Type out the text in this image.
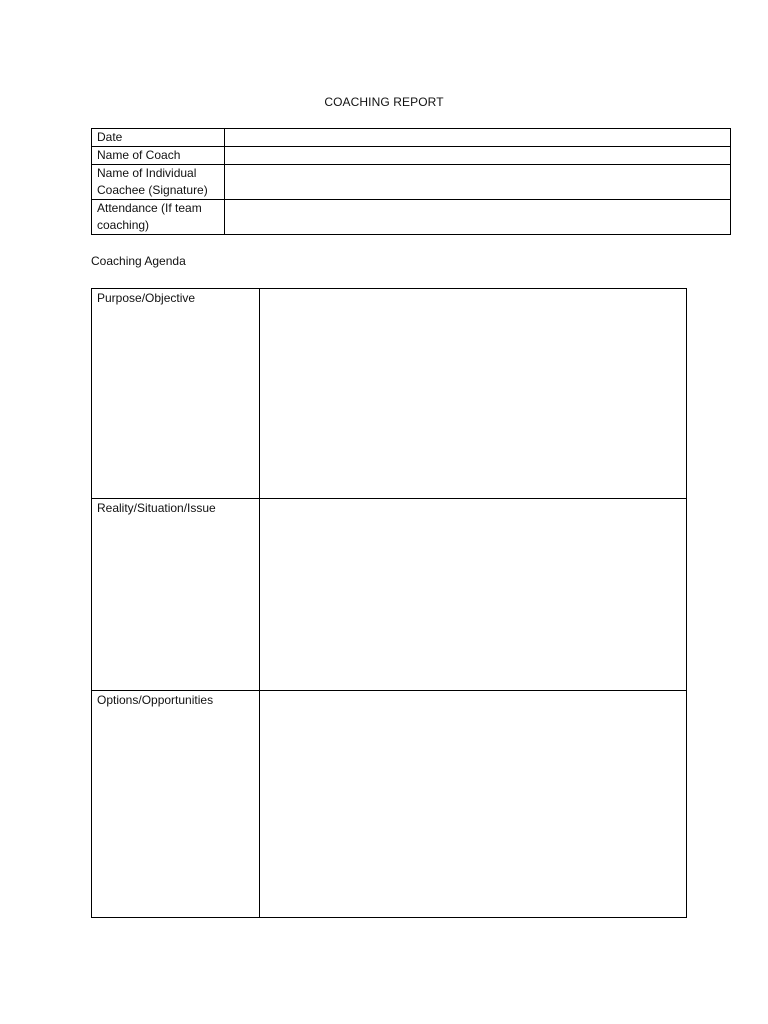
COACHING REPORT
Date	
Name of Coach	
Name of Individual Coachee (Signature)	
Attendance (If team coaching)	
Coaching Agenda
Purpose/Objective	
Reality/Situation/Issue	
Options/Opportunities	
